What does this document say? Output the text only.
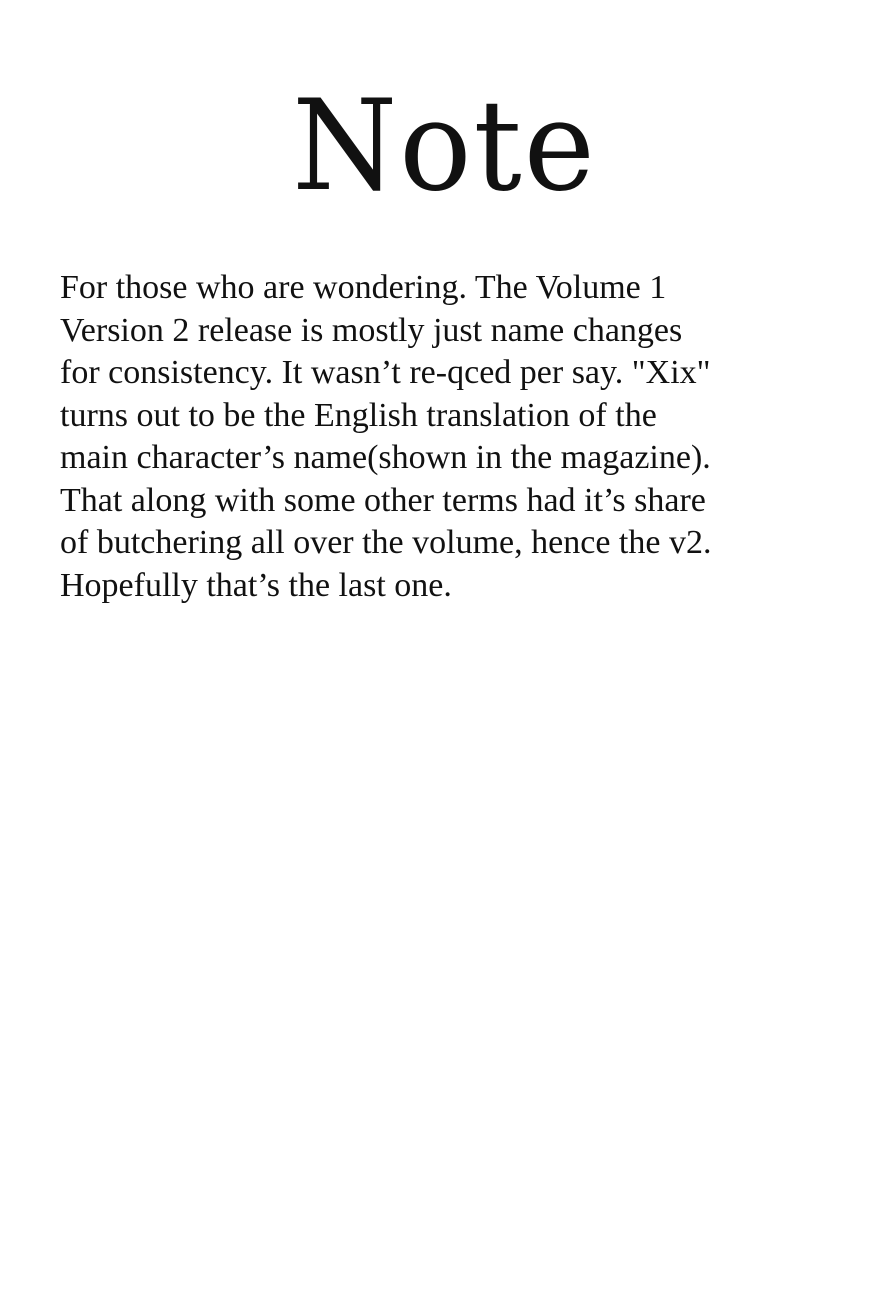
Note

For those who are wondering. The Volume 1
Version 2 release is mostly just name changes
for consistency. It wasn’t re-qced per say. "Xix"
turns out to be the English translation of the
main character’s name(shown in the magazine).
That along with some other terms had it’s share
of butchering all over the volume, hence the v2.
Hopefully that’s the last one.
